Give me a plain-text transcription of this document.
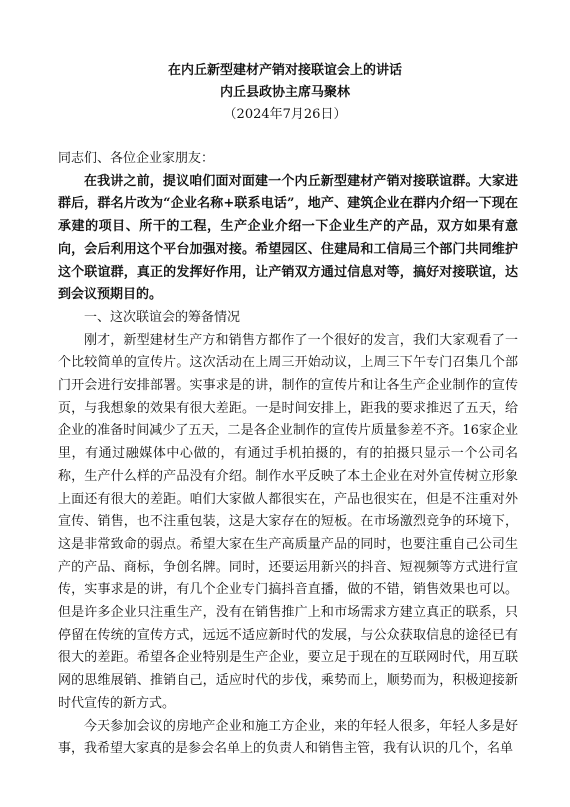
在内丘新型建材产销对接联谊会上的讲话
内丘县政协主席马聚林
（2024年7月26日）

同志们、各位企业家朋友：

在我讲之前，提议咱们面对面建一个内丘新型建材产销对接联谊群。大家进群后，群名片改为“企业名称+联系电话”，地产、建筑企业在群内介绍一下现在承建的项目、所干的工程，生产企业介绍一下企业生产的产品，双方如果有意向，会后利用这个平台加强对接。希望园区、住建局和工信局三个部门共同维护这个联谊群，真正的发挥好作用，让产销双方通过信息对等，搞好对接联谊，达到会议预期目的。

一、这次联谊会的筹备情况

刚才，新型建材生产方和销售方都作了一个很好的发言，我们大家观看了一个比较简单的宣传片。这次活动在上周三开始动议，上周三下午专门召集几个部门开会进行安排部署。实事求是的讲，制作的宣传片和让各生产企业制作的宣传页，与我想象的效果有很大差距。一是时间安排上，距我的要求推迟了五天，给企业的准备时间减少了五天，二是各企业制作的宣传片质量参差不齐。16家企业里，有通过融媒体中心做的，有通过手机拍摄的，有的拍摄只显示一个公司名称，生产什么样的产品没有介绍。制作水平反映了本土企业在对外宣传树立形象上面还有很大的差距。咱们大家做人都很实在，产品也很实在，但是不注重对外宣传、销售，也不注重包装，这是大家存在的短板。在市场激烈竞争的环境下，这是非常致命的弱点。希望大家在生产高质量产品的同时，也要注重自己公司生产的产品、商标，争创名牌。同时，还要运用新兴的抖音、短视频等方式进行宣传，实事求是的讲，有几个企业专门搞抖音直播，做的不错，销售效果也可以。但是许多企业只注重生产，没有在销售推广上和市场需求方建立真正的联系，只停留在传统的宣传方式，远远不适应新时代的发展，与公众获取信息的途径已有很大的差距。希望各企业特别是生产企业，要立足于现在的互联网时代，用互联网的思维展销、推销自己，适应时代的步伐，乘势而上，顺势而为，积极迎接新时代宣传的新方式。

今天参加会议的房地产企业和施工方企业，来的年轻人很多，年轻人多是好事，我希望大家真的是参会名单上的负责人和销售主管，我有认识的几个，名单
